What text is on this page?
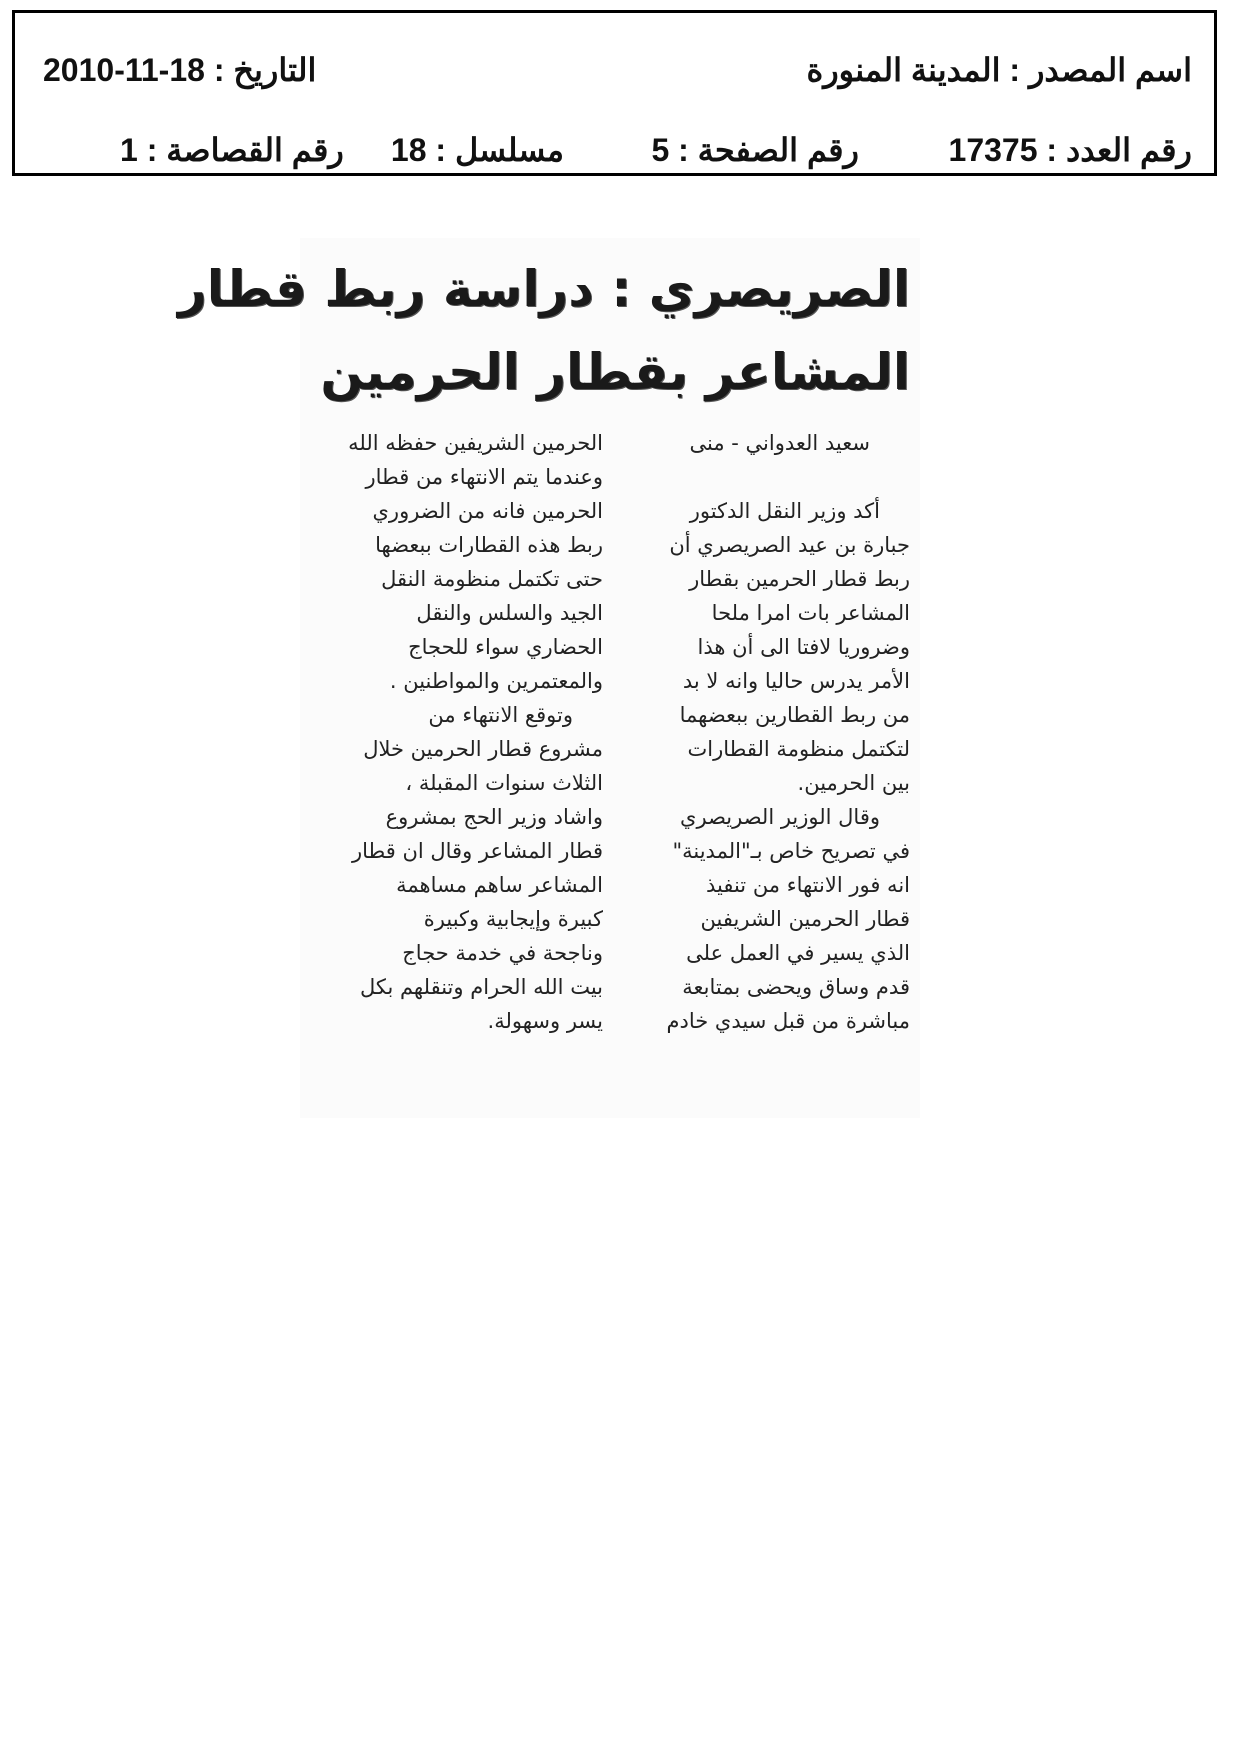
اسم المصدر : المدينة المنورة
التاريخ : 18-11-2010
رقم العدد : 17375
رقم الصفحة : 5
مسلسل : 18
رقم القصاصة : 1
الصريصري : دراسة ربط قطار
المشاعر بقطار الحرمين
سعيد العدواني - منى
أكد وزير النقل الدكتور
جبارة بن عيد الصريصري أن
ربط قطار الحرمين بقطار
المشاعر بات امرا ملحا
وضروريا لافتا الى أن هذا
الأمر يدرس حاليا وانه لا بد
من ربط القطارين ببعضهما
لتكتمل منظومة القطارات
بين الحرمين.
وقال الوزير الصريصري
في تصريح خاص بـ"المدينة"
انه فور الانتهاء من تنفيذ
قطار الحرمين الشريفين
الذي يسير في العمل على
قدم وساق ويحضى بمتابعة
مباشرة من قبل سيدي خادم
الحرمين الشريفين حفظه الله
وعندما يتم الانتهاء من قطار
الحرمين فانه من الضروري
ربط هذه القطارات ببعضها
حتى تكتمل منظومة النقل
الجيد والسلس والنقل
الحضاري سواء للحجاج
والمعتمرين والمواطنين .
وتوقع الانتهاء من
مشروع قطار الحرمين خلال
الثلاث سنوات المقبلة ،
واشاد وزير الحج بمشروع
قطار المشاعر وقال ان قطار
المشاعر ساهم مساهمة
كبيرة وإيجابية وكبيرة
وناجحة في خدمة حجاج
بيت الله الحرام وتنقلهم بكل
يسر وسهولة.
